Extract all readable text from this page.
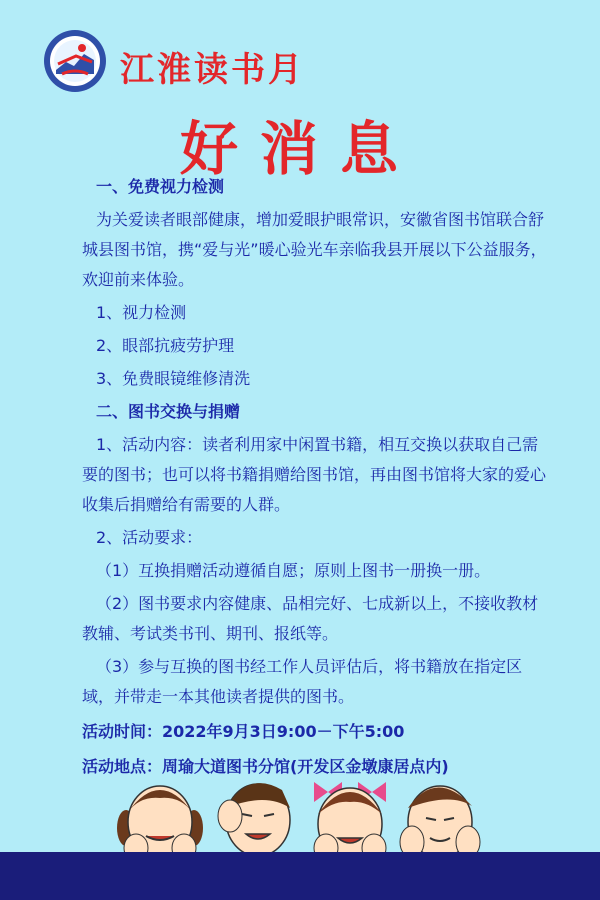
江淮读书月
好消息

一、免费视力检测

为关爱读者眼部健康，增加爱眼护眼常识，安徽省图书馆联合舒城县图书馆，携“爱与光”暖心验光车亲临我县开展以下公益服务，欢迎前来体验。

1、视力检测

2、眼部抗疲劳护理

3、免费眼镜维修清洗

二、图书交换与捐赠

1、活动内容：读者利用家中闲置书籍，相互交换以获取自己需要的图书；也可以将书籍捐赠给图书馆，再由图书馆将大家的爱心收集后捐赠给有需要的人群。

2、活动要求：

（1）互换捐赠活动遵循自愿；原则上图书一册换一册。

（2）图书要求内容健康、品相完好、七成新以上，不接收教材教辅、考试类书刊、期刊、报纸等。

（3）参与互换的图书经工作人员评估后，将书籍放在指定区域，并带走一本其他读者提供的图书。

活动时间：2022年9月3日9:00－下午5:00

活动地点：周瑜大道图书分馆(开发区金墩康居点内)
